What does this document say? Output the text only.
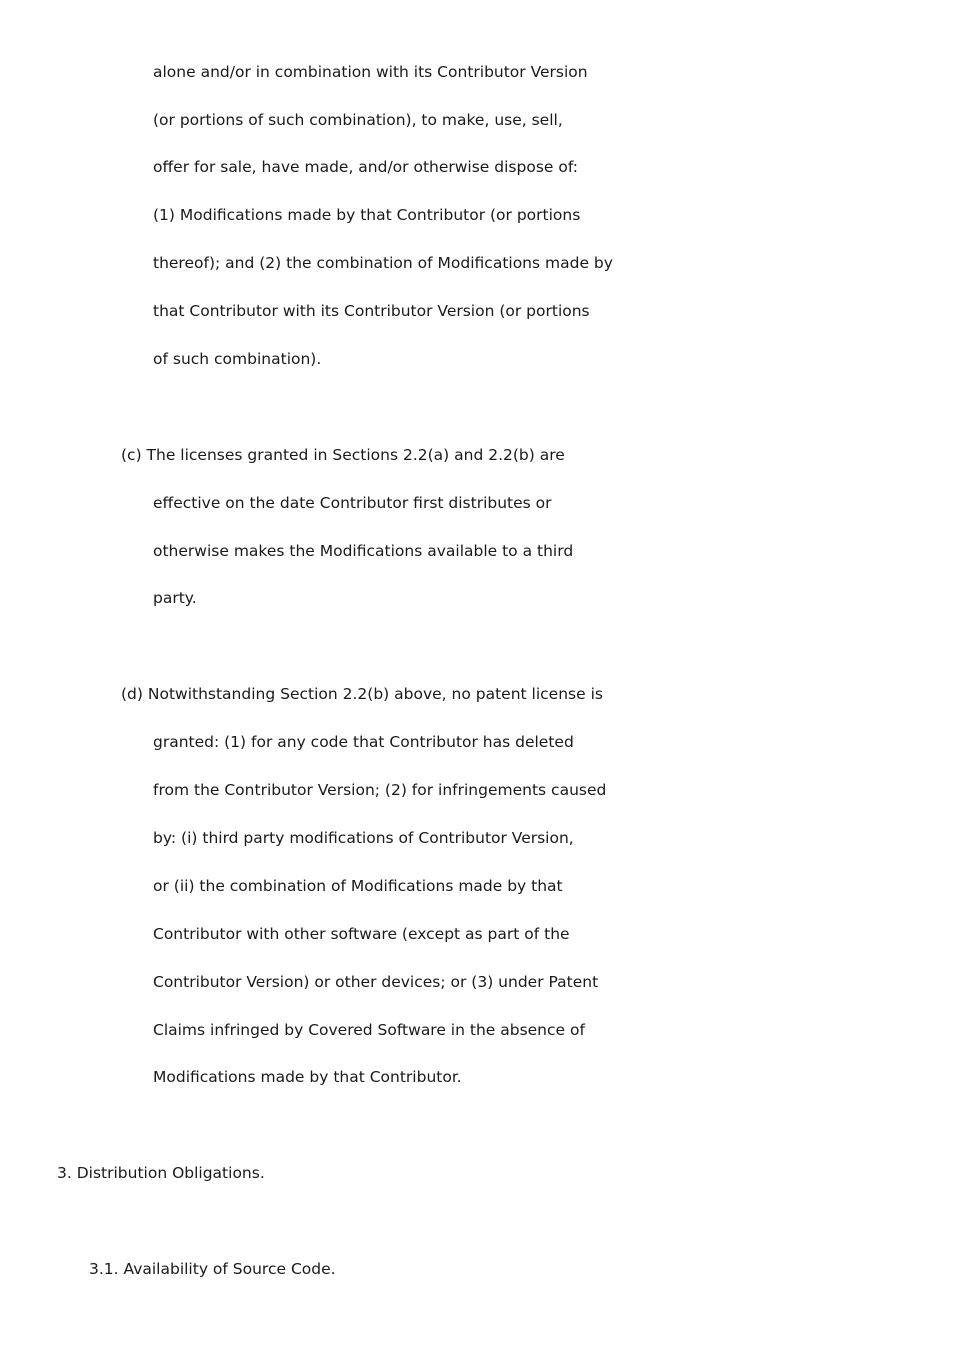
alone and/or in combination with its Contributor Version
(or portions of such combination), to make, use, sell,
offer for sale, have made, and/or otherwise dispose of:
(1) Modifications made by that Contributor (or portions
thereof); and (2) the combination of Modifications made by
that Contributor with its Contributor Version (or portions
of such combination).
(c) The licenses granted in Sections 2.2(a) and 2.2(b) are
effective on the date Contributor first distributes or
otherwise makes the Modifications available to a third
party.
(d) Notwithstanding Section 2.2(b) above, no patent license is
granted: (1) for any code that Contributor has deleted
from the Contributor Version; (2) for infringements caused
by: (i) third party modifications of Contributor Version,
or (ii) the combination of Modifications made by that
Contributor with other software (except as part of the
Contributor Version) or other devices; or (3) under Patent
Claims infringed by Covered Software in the absence of
Modifications made by that Contributor.
3. Distribution Obligations.
3.1. Availability of Source Code.
